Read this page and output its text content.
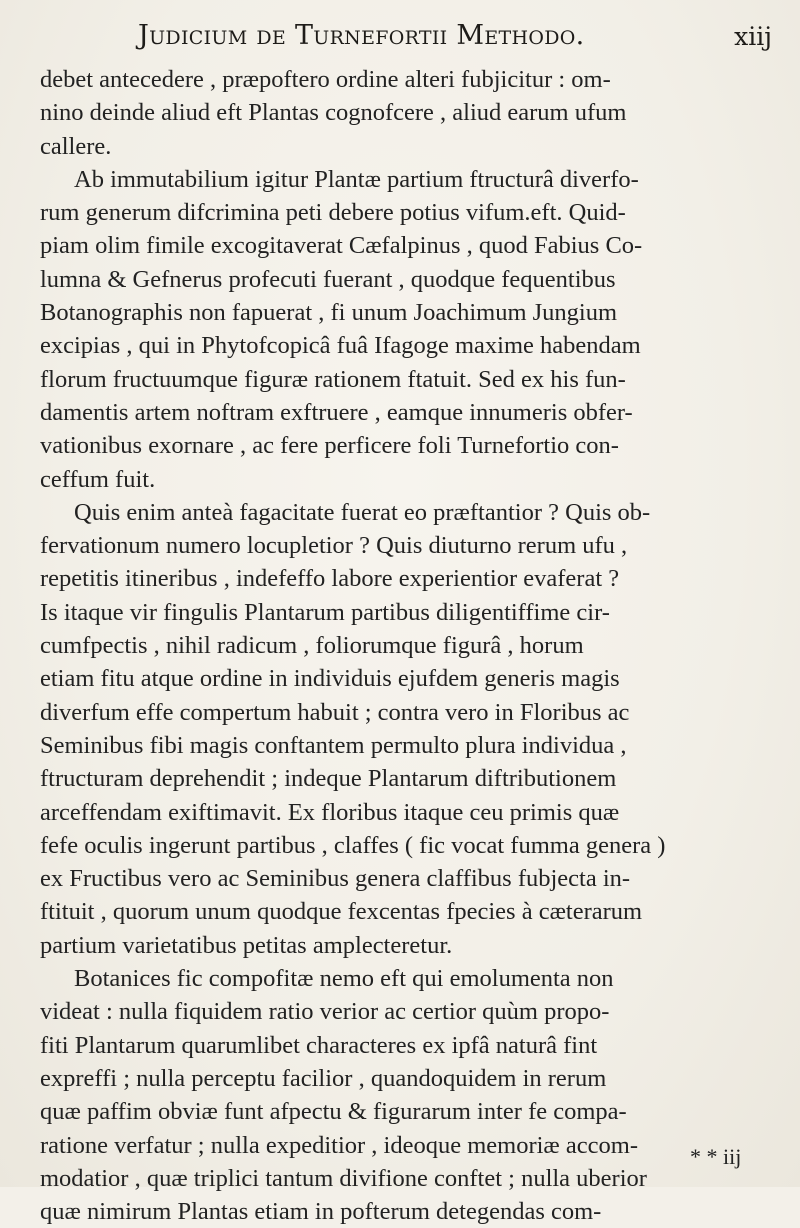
Judicium de Turnefortii Methodo.	xiij
debet antecedere , præpoftero ordine alteri fubjicitur : om-
nino deinde aliud eft Plantas cognofcere , aliud earum ufum
callere.
Ab immutabilium igitur Plantæ partium ftructurâ diverfo-
rum generum difcrimina peti debere potius vifum.eft. Quid-
piam olim fimile excogitaverat Cæfalpinus , quod Fabius Co-
lumna & Gefnerus profecuti fuerant , quodque fequentibus
Botanographis non fapuerat , fi unum Joachimum Jungium
excipias , qui in Phytofcopicâ fuâ Ifagoge maxime habendam
florum fructuumque figuræ rationem ftatuit. Sed ex his fun-
damentis artem noftram exftruere , eamque innumeris obfer-
vationibus exornare , ac fere perficere foli Turnefortio con-
ceffum fuit.
Quis enim anteà fagacitate fuerat eo præftantior ? Quis ob-
fervationum numero locupletior ? Quis diuturno rerum ufu ,
repetitis itineribus , indefeffo labore experientior evaferat ?
Is itaque vir fingulis Plantarum partibus diligentiffime cir-
cumfpectis , nihil radicum , foliorumque figurâ , horum
etiam fitu atque ordine in individuis ejufdem generis magis
diverfum effe compertum habuit ; contra vero in Floribus ac
Seminibus fibi magis conftantem permulto plura individua ,
ftructuram deprehendit ; indeque Plantarum diftributionem
arceffendam exiftimavit. Ex floribus itaque ceu primis quæ
fefe oculis ingerunt partibus , claffes ( fic vocat fumma genera )
ex Fructibus vero ac Seminibus genera claffibus fubjecta in-
ftituit , quorum unum quodque fexcentas fpecies à cæterarum
partium varietatibus petitas amplecteretur.
Botanices fic compofitæ nemo eft qui emolumenta non
videat : nulla fiquidem ratio verior ac certior quùm propo-
fiti Plantarum quarumlibet characteres ex ipfâ naturâ fint
expreffi ; nulla perceptu facilior , quandoquidem in rerum
quæ paffim obviæ funt afpectu & figurarum inter fe compa-
ratione verfatur ; nulla expeditior , ideoque memoriæ accom-
modatior , quæ triplici tantum divifione conftet ; nulla uberior
quæ nimirum Plantas etiam in pofterum detegendas com-
* * iij
